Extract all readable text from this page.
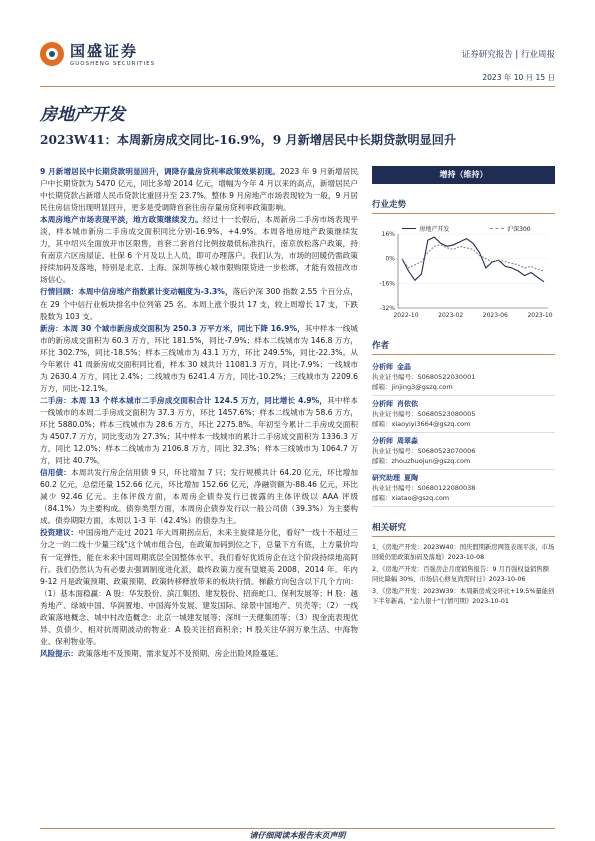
国盛证券
GUOSHENG SECURITIES
证券研究报告 | 行业周报
2023 年 10 月 15 日
房地产开发
2023W41：本周新房成交同比-16.9%，9 月新增居民中长期贷款明显回升

9 月新增居民中长期贷款明显回升，调降存量房贷利率政策效果初现。2023 年 9 月新增居民户中长期贷款为 5470 亿元，同比多增 2014 亿元，增幅为今年 4 月以来的高点，新增居民户中长期贷款占新增人民币贷款比重回升至 23.7%。整体 9 月房地产市场表现较为一般，9 月居民住房信贷出现明显回升，更多是受调降首套住房存量房贷利率政策影响。

本周房地产市场表现平淡，地方政策继续发力。经过十一长假后，本周新房二手房市场表现平淡，样本城市新房二手房成交面积同比分别-16.9%、+4.9%。本周各地房地产政策继续发力，其中绍兴全面放开市区限售，首套二套首付比例按最低标准执行，南京放松落户政策，持有南京六区房屋证、社保 6 个月及以上人员，即可办理落户。我们认为，市场的回暖仍需政策持续加码及落地，特别是北京、上海、深圳等核心城市限购限贷进一步松绑，才能有效扭改市场信心。

行情回顾：本周中信房地产指数累计变动幅度为-3.3%，落后沪深 300 指数 2.55 个百分点，在 29 个中信行业板块排名中位列第 25 名。本周上涨个股共 17 支，较上周增长 17 支，下跌股数为 103 支。

新房：本周 30 个城市新房成交面积为 250.3 万平方米，同比下降 16.9%，其中样本一线城市的新房成交面积为 60.3 万方，环比 181.5%，同比-7.9%；样本二线城市为 146.8 万方，环比 302.7%，同比-18.5%；样本三线城市为 43.1 万方，环比 249.5%，同比-22.3%。从今年累计 41 周新房成交面积同比看，样本 30 城共计 11081.3 万方，同比-7.9%；一线城市为 2630.4 万方，同比 2.4%；二线城市为 6241.4 万方，同比-10.2%；三线城市为 2209.6 万方，同比-12.1%。

二手房：本周 13 个样本城市二手房成交面积合计 124.5 万方，同比增长 4.9%，其中样本一线城市的本周二手房成交面积为 37.3 万方，环比 1457.6%；样本二线城市为 58.6 万方，环比 5880.0%；样本三线城市为 28.6 万方，环比 2275.8%。年初至今累计二手房成交面积为 4507.7 万方，同比变动为 27.3%；其中样本一线城市的累计二手房成交面积为 1336.3 万方，同比 12.0%；样本二线城市为 2106.8 万方，同比 32.3%；样本三线城市为 1064.7 万方，同比 40.7%。

信用债：本周共发行房企信用债 9 只，环比增加 7 只；发行规模共计 64.20 亿元，环比增加 60.2 亿元，总偿还量 152.66 亿元，环比增加 152.66 亿元，净融资额为-88.46 亿元，环比减少 92.46 亿元。主体评级方面，本周房企债券发行已披露的主体评级以 AAA 评级（84.1%）为主要构成。债券类型方面，本周房企债券发行以一般公司债（39.3%）为主要构成。债券期限方面，本周以 1-3 年（42.4%）的债券为主。

投资建议：中国房地产走过 2021 年大周期拐点后，未来主旋律是分化，看好"一线十不超过三分之一的二线十少量三线"这个城市组合包，在政策加码到位之下，总量下方有底，上方量价均有一定弹性，能在未来中国周期底层全国整体水平。我们看好优质房企在这个阶段持续地高阿行。我们仍然认为有必要去强调制度进化派，最终政策力度有望媲美 2008、2014 年。年内 9-12 月是政策预期、政策预期、政策转移释放带来的板块行情。梯蔽方向包含以下几个方向：（1）基本面稳赢：A 股：华发股份、滨江集团、建发股份、招商蛇口、保利发展等；H 股：越秀地产、绿城中国、华润置地、中国海外发展、建发国际、绿景中国地产、贝壳等；（2）一线政策落地概念、城中村改造概念：北京一城建发展等；深圳一天健集团等；（3）现金流表现优异、负债少、相对抗周期波动的物业：A 股关注招商积余；H 股关注华润万象生活、中海物业、保利物业等。

风险提示：政策落地不及预期、需求复苏不及预期、房企出险风险蔓延。

增持（维持）
行业走势
16%
0%
-16%
-32%
2022-10	2023-02	2023-06	2023-10
房地产开发	沪深300
作者
分析师 金晶
执业证书编号：S0680522030001
邮箱：jinjing3@gszq.com
分析师 肖依依
执业证书编号：S0680523080005
邮箱：xiaoyiyi3664@gszq.com
分析师 周翠淼
执业证书编号：S0680523070006
邮箱：zhouzhuojun@gszq.com
研究助理 夏陶
执业证书编号：S0680122080038
邮箱：xiatao@gszq.com
相关研究
1、《房地产开发：2023W40：国庆假期新房网签表现平淡，市场回暖仍需政策加码及落地》2023-10-08
2、《房地产开发：百强房企月度销售报告：9 月百强权益销售额同比降幅 30%，市场信心修复尚需时日》2023-10-06
3、《房地产开发：2023W39：本周新房成交环比+19.5%量能创下半年新高，"金九银十"行情可期》2023-10-01
请仔细阅读本报告末页声明
